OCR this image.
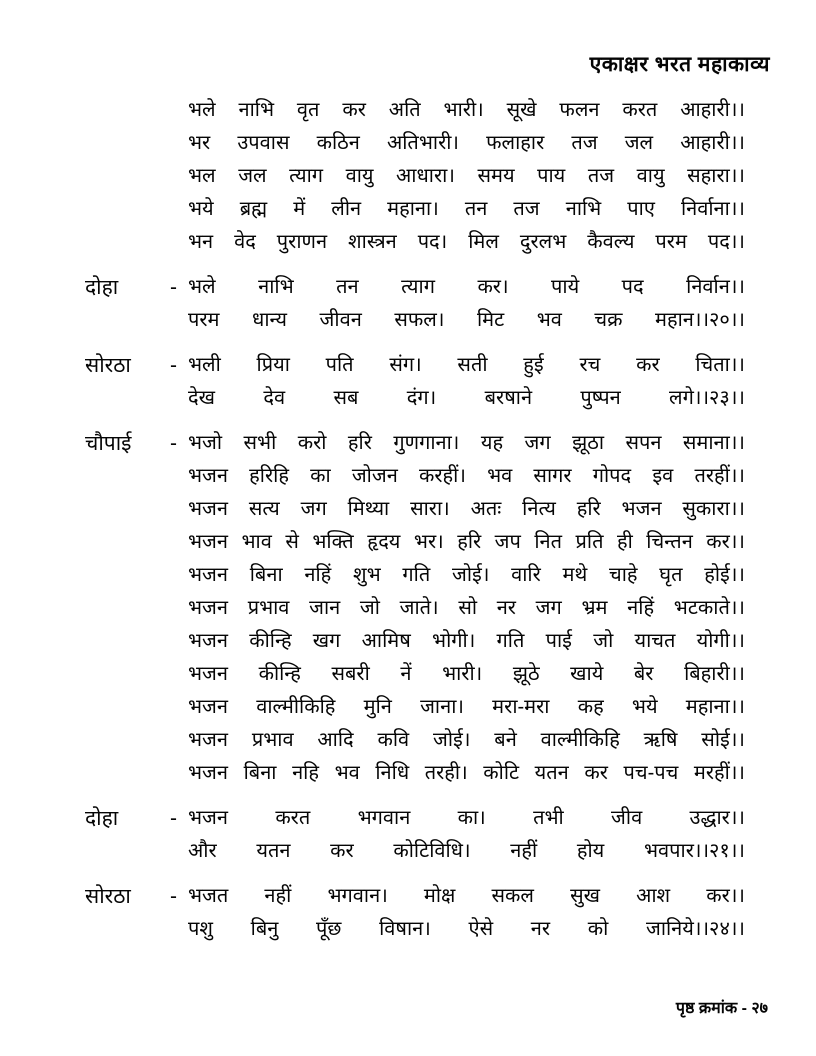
एकाक्षर भरत महाकाव्य
भले नाभि वृत कर अति भारी। सूखे फलन करत आहारी।।
भर उपवास कठिन अतिभारी। फलाहार तज जल आहारी।।
भल जल त्याग वायु आधारा। समय पाय तज वायु सहारा।।
भये ब्रह्म में लीन महाना। तन तज नाभि पाए निर्वाना।।
भन वेद पुराणन शास्त्रन पद। मिल दुरलभ कैवल्य परम पद।।
दोहा	- भले नाभि तन त्याग कर। पाये पद निर्वान।।
परम धान्य जीवन सफल। मिट भव चक्र महान।।२०।।
सोरठा	- भली प्रिया पति संग। सती हुई रच कर चिता।।
देख देव सब दंग। बरषाने पुष्पन लगे।।२३।।
चौपाई	- भजो सभी करो हरि गुणगाना। यह जग झूठा सपन समाना।।
भजन हरिहि का जोजन करहीं। भव सागर गोपद इव तरहीं।।
भजन सत्य जग मिथ्या सारा। अतः नित्य हरि भजन सुकारा।।
भजन भाव से भक्ति हृदय भर। हरि जप नित प्रति ही चिन्तन कर।।
भजन बिना नहिं शुभ गति जोई। वारि मथे चाहे घृत होई।।
भजन प्रभाव जान जो जाते। सो नर जग भ्रम नहिं भटकाते।।
भजन कीन्हि खग आमिष भोगी। गति पाई जो याचत योगी।।
भजन कीन्हि सबरी नें भारी। झूठे खाये बेर बिहारी।।
भजन वाल्मीकिहि मुनि जाना। मरा-मरा कह भये महाना।।
भजन प्रभाव आदि कवि जोई। बने वाल्मीकिहि ऋषि सोई।।
भजन बिना नहि भव निधि तरही। कोटि यतन कर पच-पच मरहीं।।
दोहा	- भजन करत भगवान का। तभी जीव उद्धार।।
और यतन कर कोटिविधि। नहीं होय भवपार।।२१।।
सोरठा	- भजत नहीं भगवान। मोक्ष सकल सुख आश कर।।
पशु बिनु पूँछ विषान। ऐसे नर को जानिये।।२४।।
पृष्ठ क्रमांक - २७
